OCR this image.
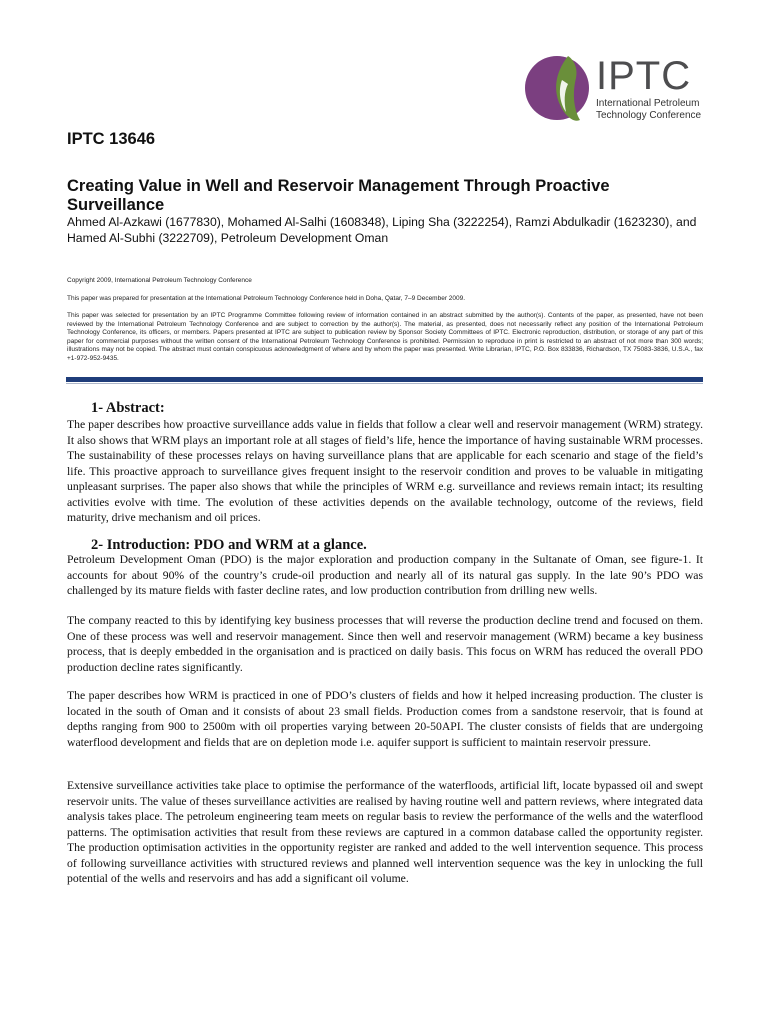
IPTC
International Petroleum
Technology Conference
IPTC 13646
Creating Value in Well and Reservoir Management Through Proactive Surveillance
Ahmed Al-Azkawi (1677830), Mohamed Al-Salhi (1608348), Liping Sha (3222254), Ramzi Abdulkadir (1623230), and Hamed Al-Subhi (3222709), Petroleum Development Oman
Copyright 2009, International Petroleum Technology Conference
This paper was prepared for presentation at the International Petroleum Technology Conference held in Doha, Qatar, 7–9 December 2009.
This paper was selected for presentation by an IPTC Programme Committee following review of information contained in an abstract submitted by the author(s). Contents of the paper, as presented, have not been reviewed by the International Petroleum Technology Conference and are subject to correction by the author(s). The material, as presented, does not necessarily reflect any position of the International Petroleum Technology Conference, its officers, or members. Papers presented at IPTC are subject to publication review by Sponsor Society Committees of IPTC. Electronic reproduction, distribution, or storage of any part of this paper for commercial purposes without the written consent of the International Petroleum Technology Conference is prohibited. Permission to reproduce in print is restricted to an abstract of not more than 300 words; illustrations may not be copied. The abstract must contain conspicuous acknowledgment of where and by whom the paper was presented. Write Librarian, IPTC, P.O. Box 833836, Richardson, TX 75083-3836, U.S.A., fax +1-972-952-9435.
1- Abstract:
The paper describes how proactive surveillance adds value in fields that follow a clear well and reservoir management (WRM) strategy. It also shows that WRM plays an important role at all stages of field’s life, hence the importance of having sustainable WRM processes. The sustainability of these processes relays on having surveillance plans that are applicable for each scenario and stage of the field’s life. This proactive approach to surveillance gives frequent insight to the reservoir condition and proves to be valuable in mitigating unpleasant surprises. The paper also shows that while the principles of WRM e.g. surveillance and reviews remain intact; its resulting activities evolve with time. The evolution of these activities depends on the available technology, outcome of the reviews, field maturity, drive mechanism and oil prices.
2- Introduction: PDO and WRM at a glance.
Petroleum Development Oman (PDO) is the major exploration and production company in the Sultanate of Oman, see figure-1. It accounts for about 90% of the country’s crude-oil production and nearly all of its natural gas supply. In the late 90’s PDO was challenged by its mature fields with faster decline rates, and low production contribution from drilling new wells.
The company reacted to this by identifying key business processes that will reverse the production decline trend and focused on them. One of these process was well and reservoir management. Since then well and reservoir management (WRM) became a key business process, that is deeply embedded in the organisation and is practiced on daily basis. This focus on WRM has reduced the overall PDO production decline rates significantly.
The paper describes how WRM is practiced in one of PDO’s clusters of fields and how it helped increasing production. The cluster is located in the south of Oman and it consists of about 23 small fields. Production comes from a sandstone reservoir, that is found at depths ranging from 900 to 2500m with oil properties varying between 20-50API. The cluster consists of fields that are undergoing waterflood development and fields that are on depletion mode i.e. aquifer support is sufficient to maintain reservoir pressure.
Extensive surveillance activities take place to optimise the performance of the waterfloods, artificial lift, locate bypassed oil and swept reservoir units. The value of theses surveillance activities are realised by having routine well and pattern reviews, where integrated data analysis takes place. The petroleum engineering team meets on regular basis to review the performance of the wells and the waterflood patterns. The optimisation activities that result from these reviews are captured in a common database called the opportunity register. The production optimisation activities in the opportunity register are ranked and added to the well intervention sequence. This process of following surveillance activities with structured reviews and planned well intervention sequence was the key in unlocking the full potential of the wells and reservoirs and has add a significant oil volume.
